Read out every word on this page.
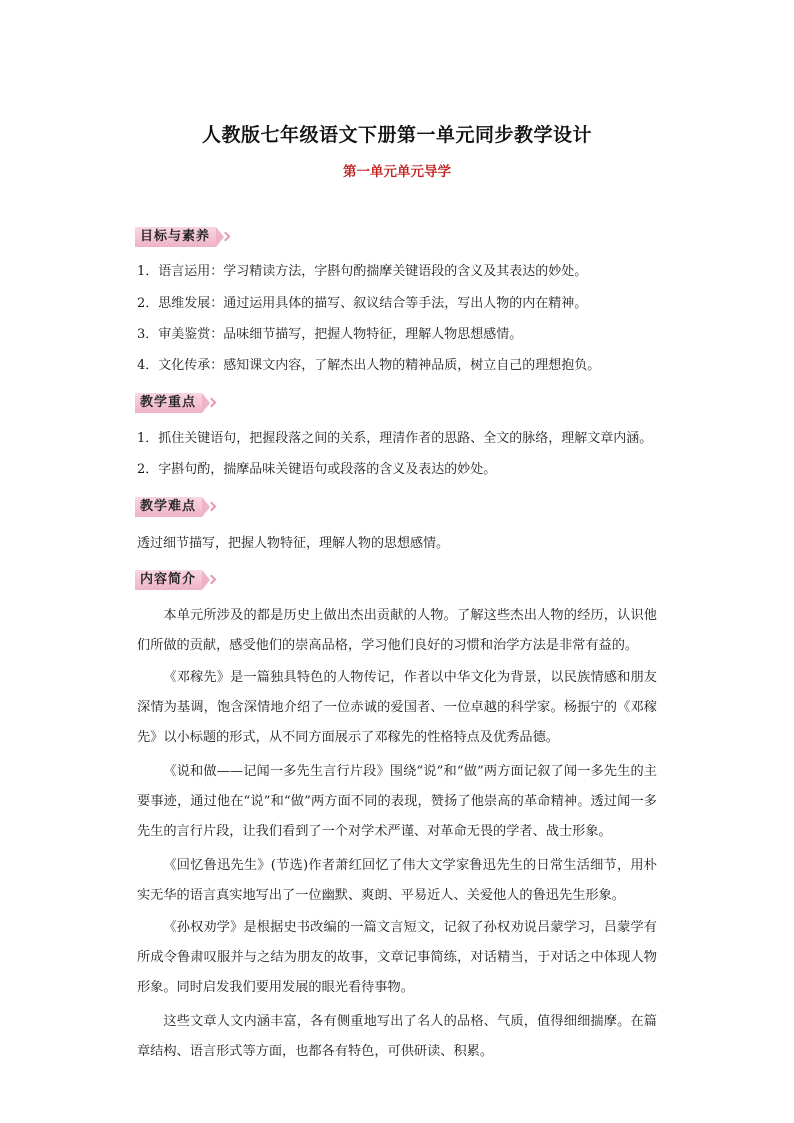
人教版七年级语文下册第一单元同步教学设计
第一单元单元导学
目标与素养
1．语言运用：学习精读方法，字斟句酌揣摩关键语段的含义及其表达的妙处。
2．思维发展：通过运用具体的描写、叙议结合等手法，写出人物的内在精神。
3．审美鉴赏：品味细节描写，把握人物特征，理解人物思想感情。
4．文化传承：感知课文内容，了解杰出人物的精神品质，树立自己的理想抱负。
教学重点
1．抓住关键语句，把握段落之间的关系，理清作者的思路、全文的脉络，理解文章内涵。
2．字斟句酌，揣摩品味关键语句或段落的含义及表达的妙处。
教学难点
透过细节描写，把握人物特征，理解人物的思想感情。
内容简介
本单元所涉及的都是历史上做出杰出贡献的人物。了解这些杰出人物的经历，认识他们所做的贡献，感受他们的崇高品格，学习他们良好的习惯和治学方法是非常有益的。
《邓稼先》是一篇独具特色的人物传记，作者以中华文化为背景，以民族情感和朋友深情为基调，饱含深情地介绍了一位赤诚的爱国者、一位卓越的科学家。杨振宁的《邓稼先》以小标题的形式，从不同方面展示了邓稼先的性格特点及优秀品德。
《说和做——记闻一多先生言行片段》围绕“说”和“做”两方面记叙了闻一多先生的主要事迹，通过他在“说”和“做”两方面不同的表现，赞扬了他崇高的革命精神。透过闻一多先生的言行片段，让我们看到了一个对学术严谨、对革命无畏的学者、战士形象。
《回忆鲁迅先生》(节选)作者萧红回忆了伟大文学家鲁迅先生的日常生活细节，用朴实无华的语言真实地写出了一位幽默、爽朗、平易近人、关爱他人的鲁迅先生形象。
《孙权劝学》是根据史书改编的一篇文言短文，记叙了孙权劝说吕蒙学习，吕蒙学有所成令鲁肃叹服并与之结为朋友的故事，文章记事简练，对话精当，于对话之中体现人物形象。同时启发我们要用发展的眼光看待事物。
这些文章人文内涵丰富，各有侧重地写出了名人的品格、气质，值得细细揣摩。在篇章结构、语言形式等方面，也都各有特色，可供研读、积累。
